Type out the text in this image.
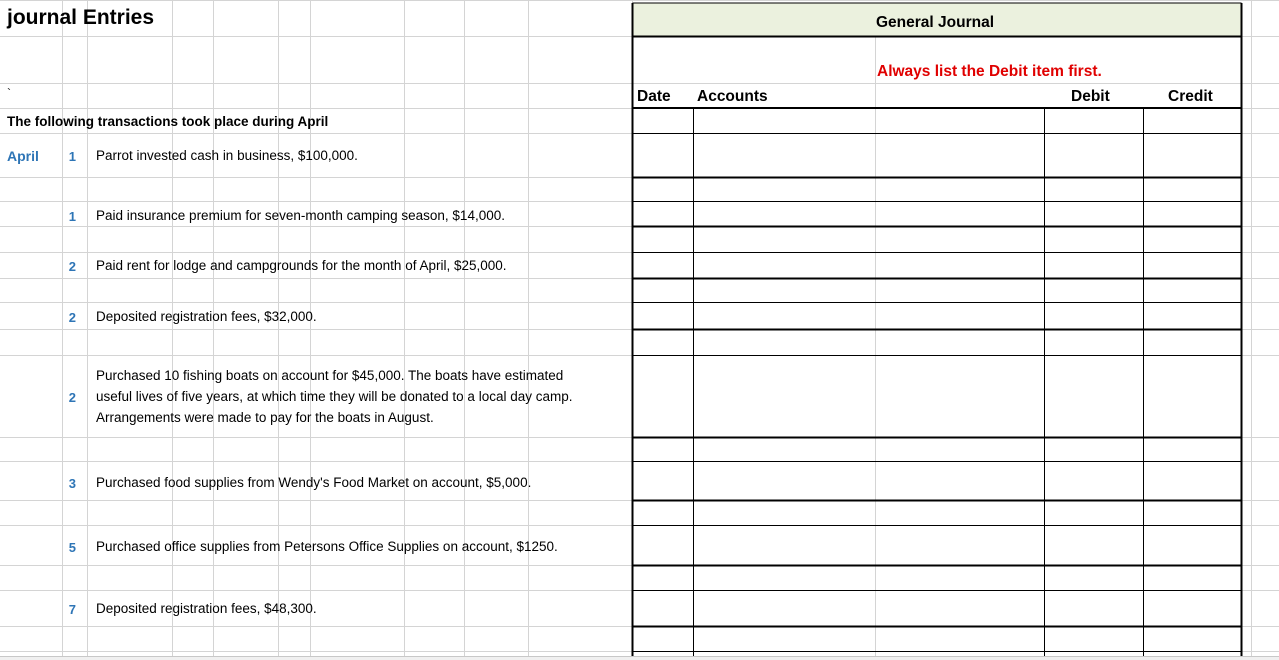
journal Entries
`
The following transactions took place during April
April	1 Parrot invested cash in business, $100,000.
1 Paid insurance premium for seven-month camping season, $14,000.
2 Paid rent for lodge and campgrounds for the month of April, $25,000.
2 Deposited registration fees, $32,000.
2
Purchased 10 fishing boats on account for $45,000. The boats have estimated
useful lives of five years, at which time they will be donated to a local day camp.
Arrangements were made to pay for the boats in August.
3 Purchased food supplies from Wendy's Food Market on account, $5,000.
5 Purchased office supplies from Petersons Office Supplies on account, $1250.
7 Deposited registration fees, $48,300.
General Journal
Always list the Debit item first.
Date Accounts	Debit	Credit
